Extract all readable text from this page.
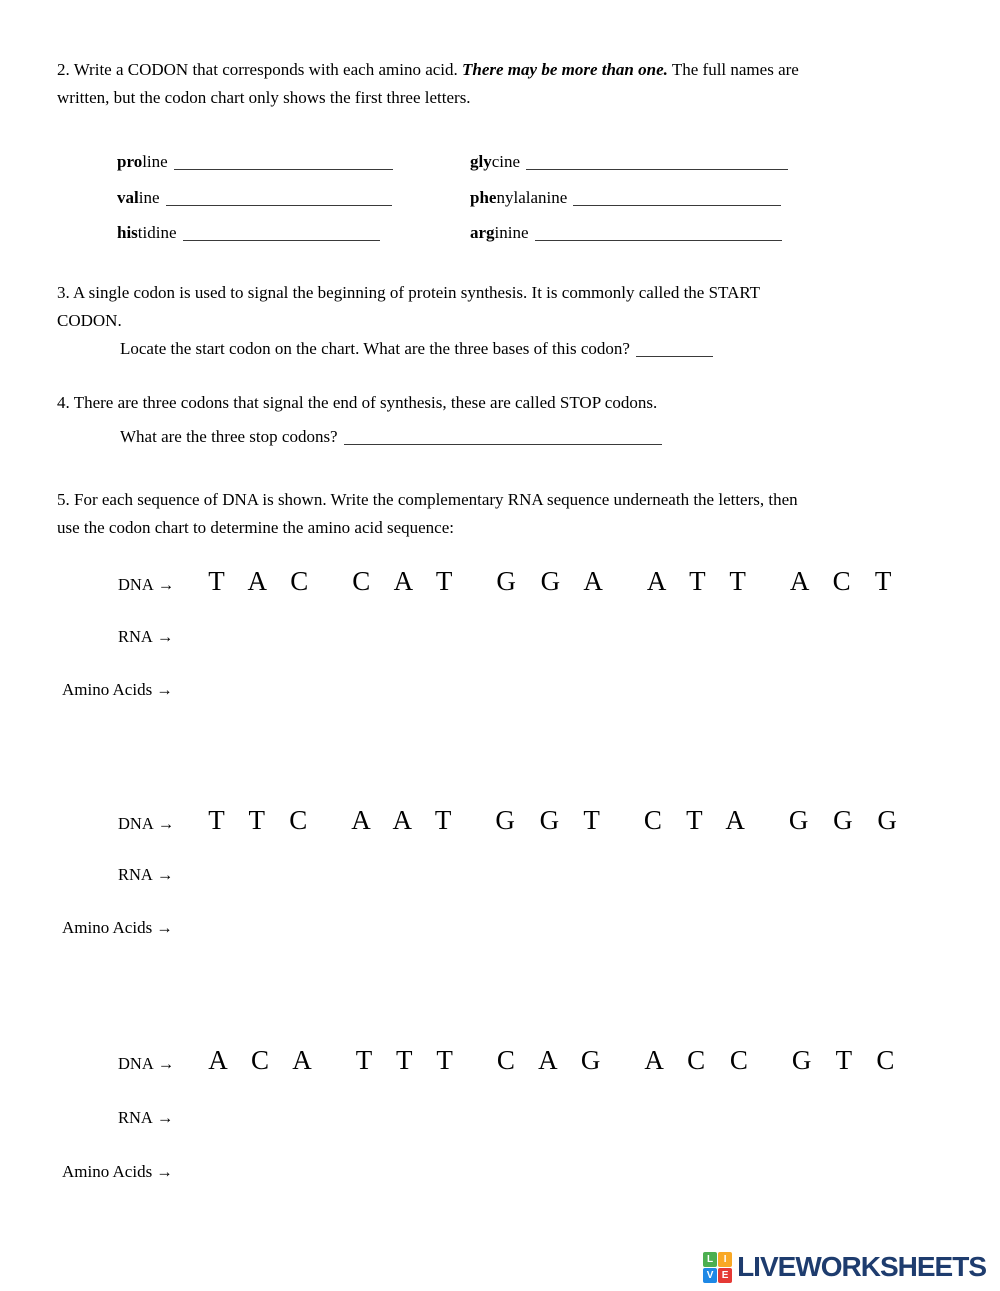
2. Write a CODON that corresponds with each amino acid. There may be more than one. The full names are
written, but the codon chart only shows the first three letters.
proline
valine
histidine
glycine
phenylalanine
arginine
3. A single codon is used to signal the beginning of protein synthesis. It is commonly called the START
CODON.
Locate the start codon on the chart. What are the three bases of this codon?
4. There are three codons that signal the end of synthesis, these are called STOP codons.
What are the three stop codons?
5. For each sequence of DNA is shown. Write the complementary RNA sequence underneath the letters, then
use the codon chart to determine the amino acid sequence:
DNA → T A C C A T G G A A T T A C T
RNA →
Amino Acids →
DNA → T T C A A T G G T C T A G G G
RNA →
Amino Acids →
DNA → A C A T T T C A G A C C G T C
RNA →
Amino Acids →
L	I
V E LIVEWORKSHEETS
